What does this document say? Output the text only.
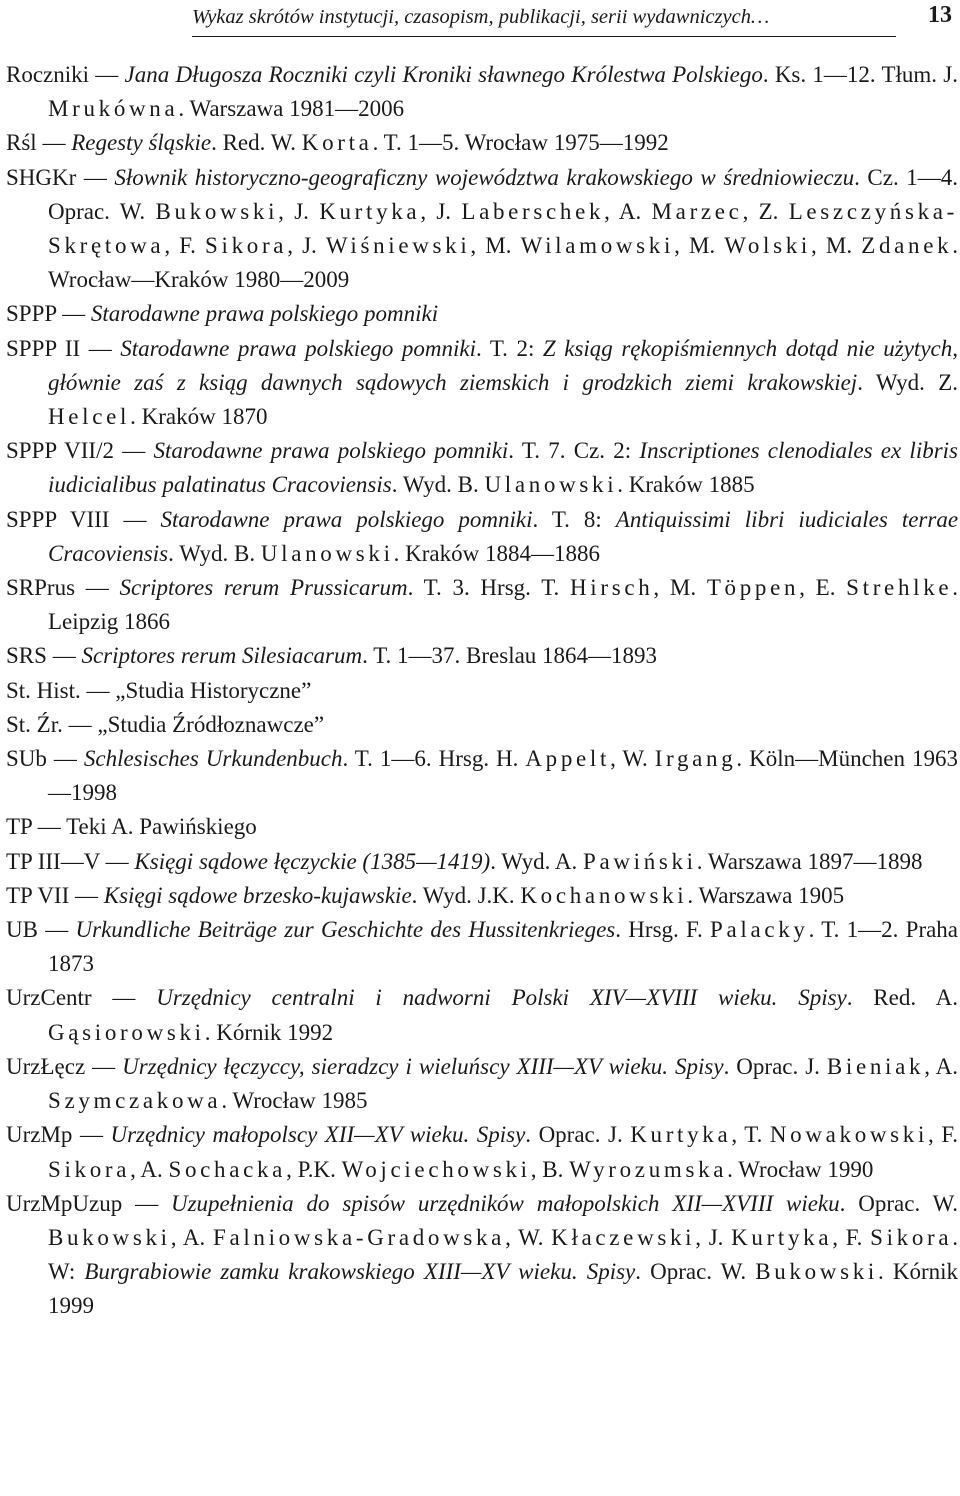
Wykaz skrótów instytucji, czasopism, publikacji, serii wydawniczych…	13
Roczniki — Jana Długosza Roczniki czyli Kroniki sławnego Królestwa Polskiego. Ks. 1—12. Tłum. J. Mrukówna. Warszawa 1981—2006
Rśl — Regesty śląskie. Red. W. Korta. T. 1—5. Wrocław 1975—1992
SHGKr — Słownik historyczno-geograficzny województwa krakowskiego w średniowieczu. Cz. 1—4. Oprac. W. Bukowski, J. Kurtyka, J. Laberschek, A. Marzec, Z. Leszczyńska-Skrętowa, F. Sikora, J. Wiśniewski, M. Wilamowski, M. Wolski, M. Zdanek. Wrocław—Kraków 1980—2009
SPPP — Starodawne prawa polskiego pomniki
SPPP II — Starodawne prawa polskiego pomniki. T. 2: Z ksiąg rękopiśmiennych dotąd nie użytych, głównie zaś z ksiąg dawnych sądowych ziemskich i grodzkich ziemi krakowskiej. Wyd. Z. Helcel. Kraków 1870
SPPP VII/2 — Starodawne prawa polskiego pomniki. T. 7. Cz. 2: Inscriptiones clenodiales ex libris iudicialibus palatinatus Cracoviensis. Wyd. B. Ulanowski. Kraków 1885
SPPP VIII — Starodawne prawa polskiego pomniki. T. 8: Antiquissimi libri iudiciales terrae Cracoviensis. Wyd. B. Ulanowski. Kraków 1884—1886
SRPrus — Scriptores rerum Prussicarum. T. 3. Hrsg. T. Hirsch, M. Töppen, E. Strehlke. Leipzig 1866
SRS — Scriptores rerum Silesiacarum. T. 1—37. Breslau 1864—1893
St. Hist. — „Studia Historyczne”
St. Źr. — „Studia Źródłoznawcze”
SUb — Schlesisches Urkundenbuch. T. 1—6. Hrsg. H. Appelt, W. Irgang. Köln—München 1963—1998
TP — Teki A. Pawińskiego
TP III—V — Księgi sądowe łęczyckie (1385—1419). Wyd. A. Pawiński. Warszawa 1897—1898
TP VII — Księgi sądowe brzesko-kujawskie. Wyd. J.K. Kochanowski. Warszawa 1905
UB — Urkundliche Beiträge zur Geschichte des Hussitenkrieges. Hrsg. F. Palacky. T. 1—2. Praha 1873
UrzCentr — Urzędnicy centralni i nadworni Polski XIV—XVIII wieku. Spisy. Red. A. Gąsiorowski. Kórnik 1992
UrzŁęcz — Urzędnicy łęczyccy, sieradzcy i wieluńscy XIII—XV wieku. Spisy. Oprac. J. Bieniak, A. Szymczakowa. Wrocław 1985
UrzMp — Urzędnicy małopolscy XII—XV wieku. Spisy. Oprac. J. Kurtyka, T. Nowakowski, F. Sikora, A. Sochacka, P.K. Wojciechowski, B. Wyrozumska. Wrocław 1990
UrzMpUzup — Uzupełnienia do spisów urzędników małopolskich XII—XVIII wieku. Oprac. W. Bukowski, A. Falniowska-Gradowska, W. Kłaczewski, J. Kurtyka, F. Sikora. W: Burgrabiowie zamku krakowskiego XIII—XV wieku. Spisy. Oprac. W. Bukowski. Kórnik 1999
